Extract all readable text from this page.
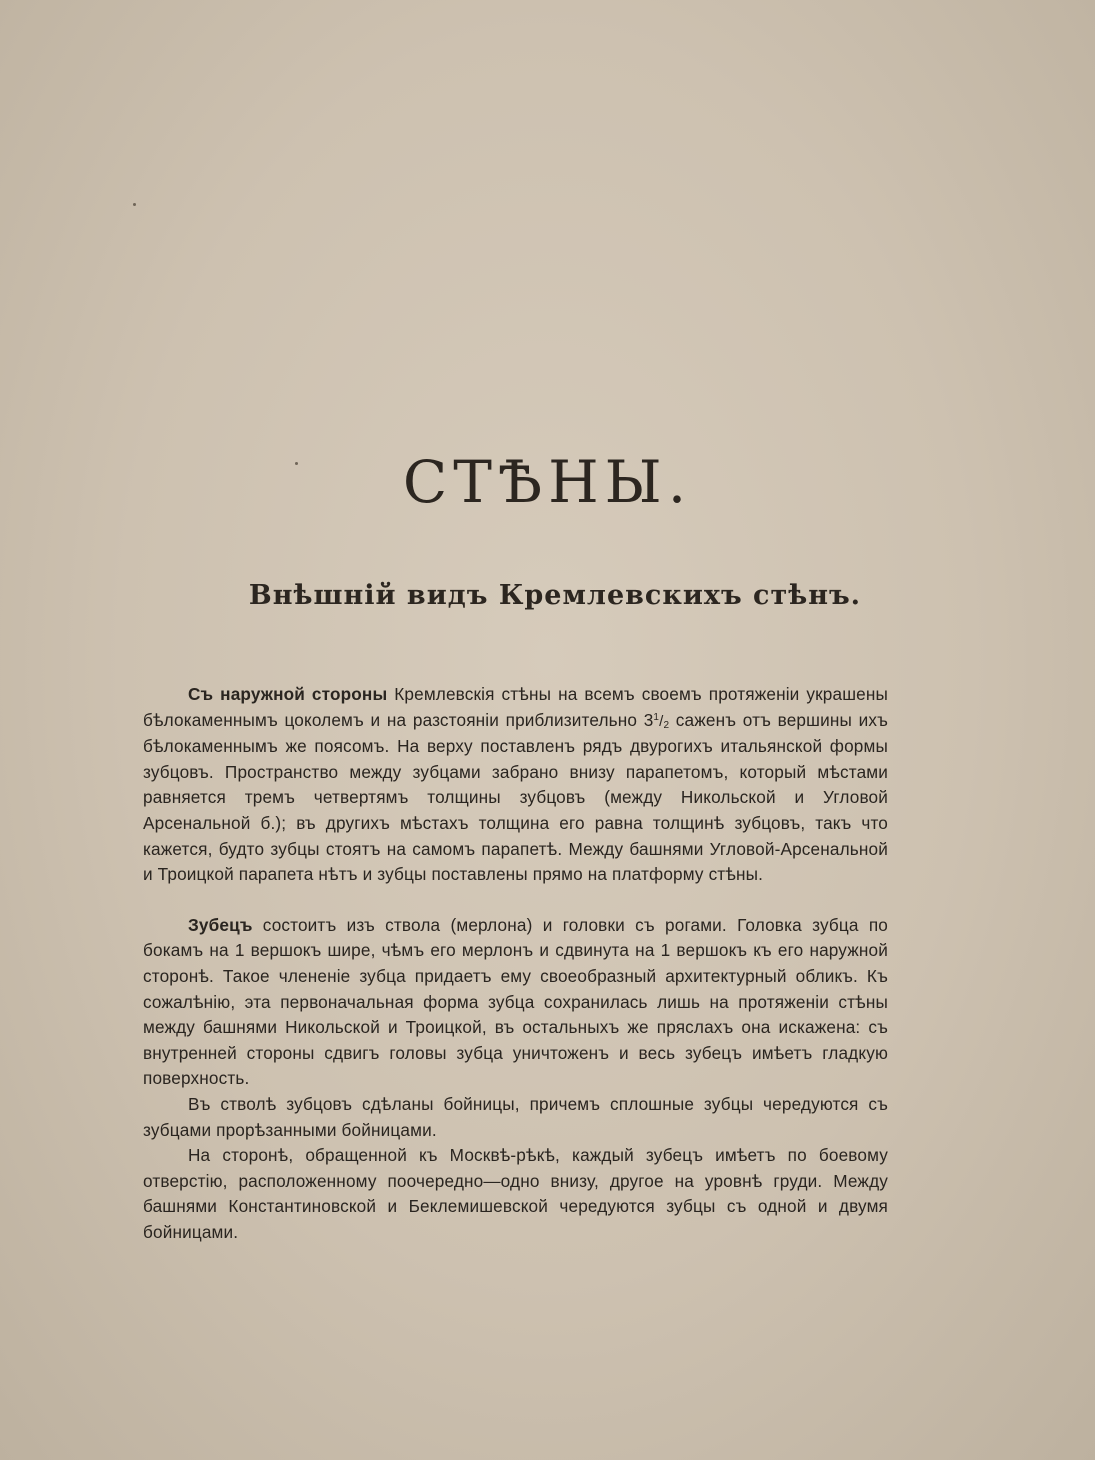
СТѢНЫ.
Внѣшній видъ Кремлевскихъ стѣнъ.

Съ наружной стороны Кремлевскія стѣны на всемъ своемъ протяженіи украшены бѣлокаменнымъ цоколемъ и на разстояніи приблизительно $3^1/_2$ саженъ отъ вершины ихъ бѣлокаменнымъ же поясомъ. На верху поставленъ рядъ двурогихъ итальянской формы зубцовъ. Пространство между зубцами забрано внизу парапетомъ, который мѣстами равняется тремъ четвертямъ толщины зубцовъ (между Никольской и Угловой Арсенальной б.); въ другихъ мѣстахъ толщина его равна толщинѣ зубцовъ, такъ что кажется, будто зубцы стоятъ на самомъ парапетѣ. Между башнями Угловой-Арсенальной и Троицкой парапета нѣтъ и зубцы поставлены прямо на платформу стѣны.

Зубецъ состоитъ изъ ствола (мерлона) и головки съ рогами. Головка зубца по бокамъ на 1 вершокъ шире, чѣмъ его мерлонъ и сдвинута на 1 вершокъ къ его наружной сторонѣ. Такое члененіе зубца придаетъ ему своеобразный архитектурный обликъ. Къ сожалѣнію, эта первоначальная форма зубца сохранилась лишь на протяженіи стѣны между башнями Никольской и Троицкой, въ остальныхъ же пряслахъ она искажена: съ внутренней стороны сдвигъ головы зубца уничтоженъ и весь зубецъ имѣетъ гладкую поверхность.

Въ стволѣ зубцовъ сдѣланы бойницы, причемъ сплошные зубцы чередуются съ зубцами прорѣзанными бойницами.

На сторонѣ, обращенной къ Москвѣ-рѣкѣ, каждый зубецъ имѣетъ по боевому отверстію, расположенному поочередно—одно внизу, другое на уровнѣ груди. Между башнями Константиновской и Беклемишевской чередуются зубцы съ одной и двумя бойницами.
